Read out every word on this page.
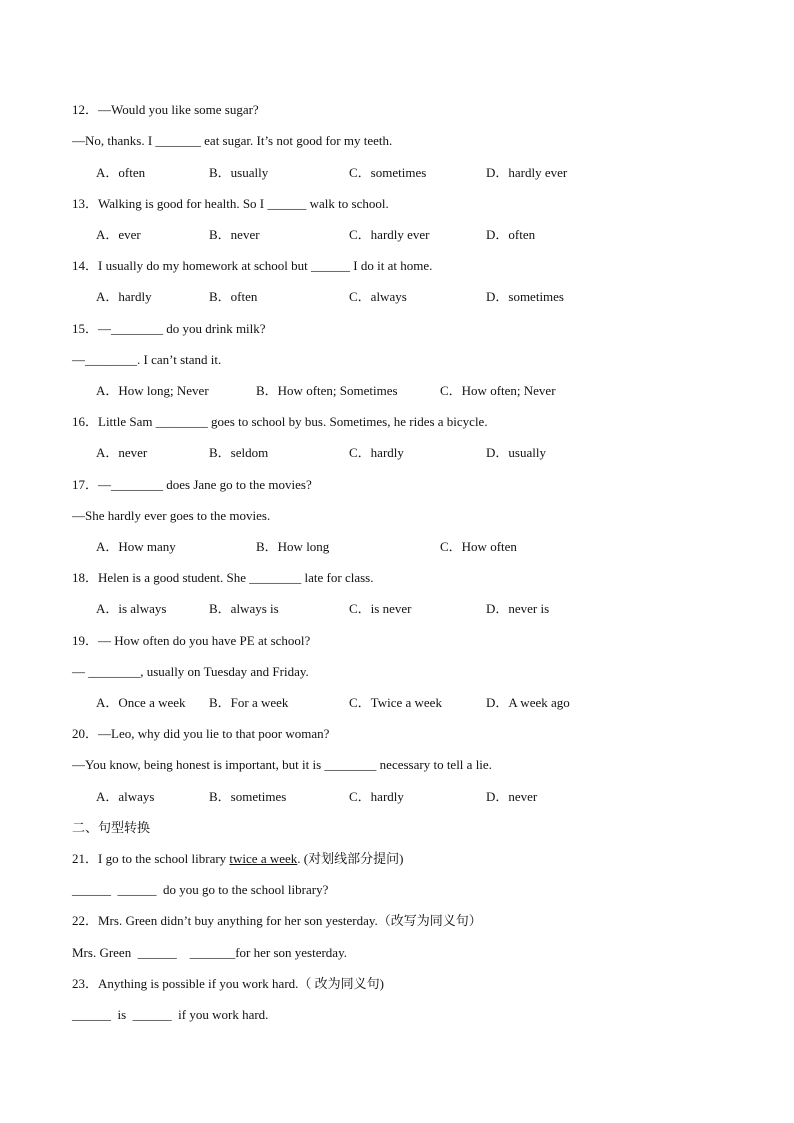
12．—Would you like some sugar?
—No, thanks. I _______ eat sugar. It’s not good for my teeth.
A．often	B．usually	C．sometimes	D．hardly ever
13．Walking is good for health. So I ______ walk to school.
A．ever	B．never	C．hardly ever	D．often
14．I usually do my homework at school but ______ I do it at home.
A．hardly	B．often	C．always	D．sometimes
15．—________ do you drink milk?
—________. I can’t stand it.
A．How long; Never	B．How often; Sometimes	C．How often; Never
16．Little Sam ________ goes to school by bus. Sometimes, he rides a bicycle.
A．never	B．seldom	C．hardly	D．usually
17．—________ does Jane go to the movies?
—She hardly ever goes to the movies.
A．How many	B．How long	C．How often
18．Helen is a good student. She ________ late for class.
A．is always	B．always is	C．is never	D．never is
19．— How often do you have PE at school?
— ________, usually on Tuesday and Friday.
A．Once a week B．For a week	C．Twice a week	D．A week ago
20．—Leo, why did you lie to that poor woman?
—You know, being honest is important, but it is ________ necessary to tell a lie.
A．always	B．sometimes	C．hardly	D．never
二、句型转换
21．I go to the school library twice a week. (对划线部分提问)
______  ______  do you go to the school library?
22．Mrs. Green didn’t buy anything for her son yesterday.（改写为同义句）
Mrs. Green  ______    _______for her son yesterday.
23．Anything is possible if you work hard.（ 改为同义句)
______  is  ______  if you work hard.
